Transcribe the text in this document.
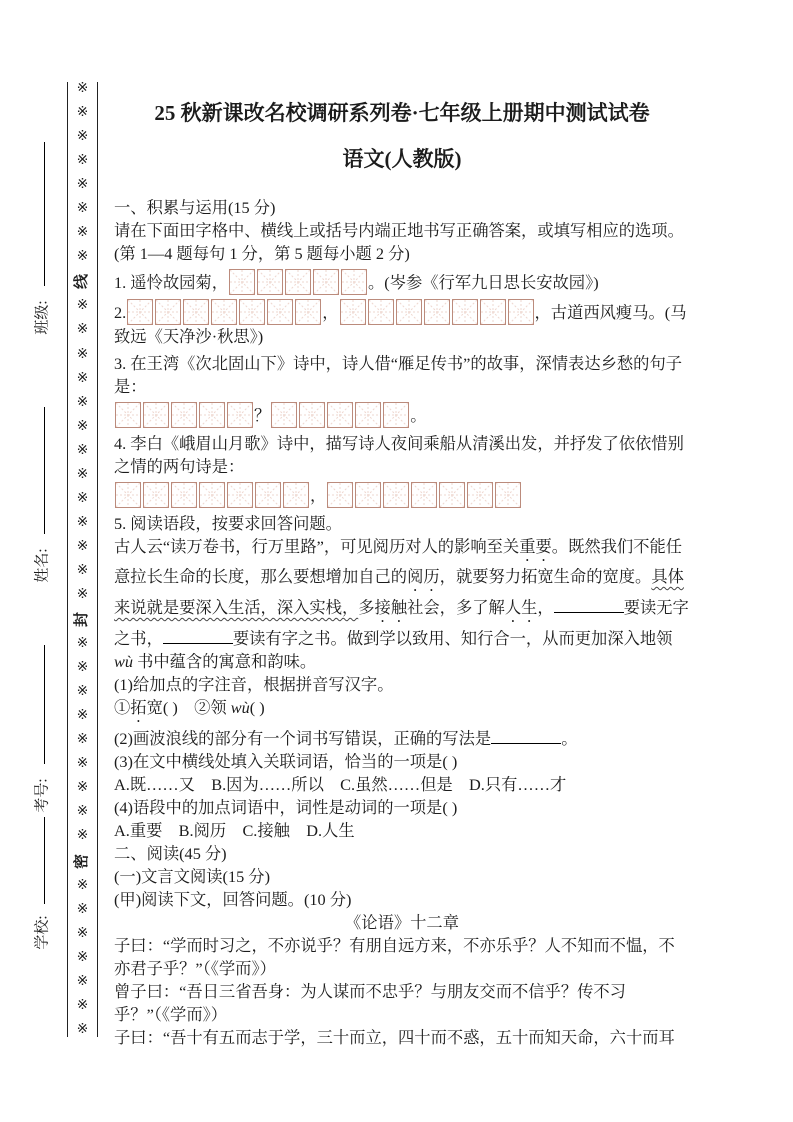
班级:
姓名:
考号:
学校:
※
※
※
※
※
※
※
※
线
※
※
※
※
※
※
※
※
※
※
※
※
※
封
※
※
※
※
※
※
※
※
※
密
※
※
※
※
※
※
※
25 秋新课改名校调研系列卷·七年级上册期中测试试卷
语文(人教版)

一、积累与运用(15 分)

请在下面田字格中、横线上或括号内端正地书写正确答案，或填写相应的选项。

(第 1—4 题每句 1 分，第 5 题每小题 2 分)

1. 遥怜故园菊，	。(岑参《行军九日思长安故园》)

2.	，	，古道西风瘦马。(马致远《天净沙·秋思》)

3. 在王湾《次北固山下》诗中，诗人借“雁足传书”的故事，深情表达乡愁的句子是：

？	。

4. 李白《峨眉山月歌》诗中，描写诗人夜间乘船从清溪出发，并抒发了依依惜别之情的两句诗是：

，

5. 阅读语段，按要求回答问题。

古人云“读万卷书，行万里路”，可见阅历对人的影响至关重要。既然我们不能任意拉长生命的长度，那么要想增加自己的阅历，就要努力拓宽生命的宽度。具体来说就是要深入生活，深入实栈，多接触社会，多了解人生，	要读无字之书，	要读有字之书。做到学以致用、知行合一，从而更加深入地领 wù 书中蕴含的寓意和韵味。

(1)给加点的字注音，根据拼音写汉字。

①拓宽( )　②领 wù( )

(2)画波浪线的部分有一个词书写错误，正确的写法是	。

(3)在文中横线处填入关联词语，恰当的一项是( )

A.既……又　B.因为……所以　C.虽然……但是　D.只有……才

(4)语段中的加点词语中，词性是动词的一项是( )

A.重要　B.阅历　C.接触　D.人生

二、阅读(45 分)

(一)文言文阅读(15 分)

(甲)阅读下文，回答问题。(10 分)

《论语》十二章

子曰：“学而时习之，不亦说乎？有朋自远方来，不亦乐乎？人不知而不愠，不亦君子乎？”（《学而》）

曾子曰：“吾日三省吾身：为人谋而不忠乎？与朋友交而不信乎？传不习乎？”（《学而》）

子曰：“吾十有五而志于学，三十而立，四十而不惑，五十而知天命，六十而耳
